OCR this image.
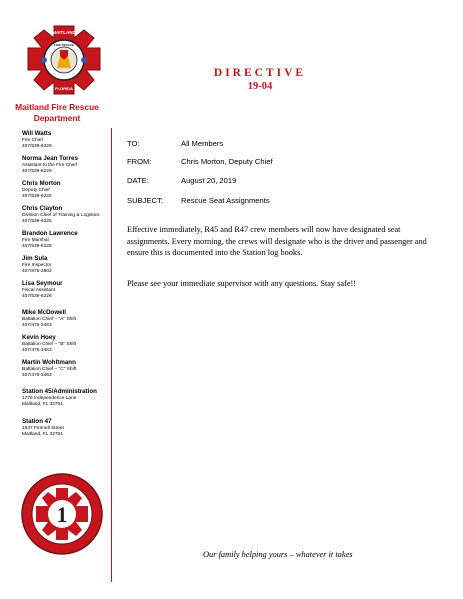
MAITLAND
FLORIDA
FIRE RESCUE
Maitland Fire Rescue
Department
Will Watts
Fire Chief
407/539-6229
Norma Jean Torres
Assistant to the Fire Chief
407/539-6229
Chris Morton
Deputy Chief
407/539-6225
Chris Clayton
Division Chief of Training & Logistics
407/539-6225
Brandon Lawrence
Fire Marshal
407/539-6228
Jim Sula
Fire Inspector
407/875-2802
Lisa Seymour
Fiscal Assistant
407/539-6226
Mike McDowell
Battalion Chief – "A" Shift
407/475-3463
Kevin Hoey
Battalion Chief – "B" Shift
407/475-3463
Martin Wohltmann
Battalion Chief – "C" Shift
407/475-3463
Station 45/Administration
1776 Independence Lane
Maitland, FL 32751
Station 47
1847 Fennell Street
Maitland, FL 32751
1
DIRECTIVE
19-04
TO:	All Members
FROM:	Chris Morton, Deputy Chief
DATE:	August 20, 2019
SUBJECT: Rescue Seat Assignments
Effective immediately, R45 and R47 crew members will now have designated seat assignments. Every morning, the crews will designate who is the driver and passenger and ensure this is documented into the Station log books.
Please see your immediate supervisor with any questions. Stay safe!!
Our family helping yours – whatever it takes
